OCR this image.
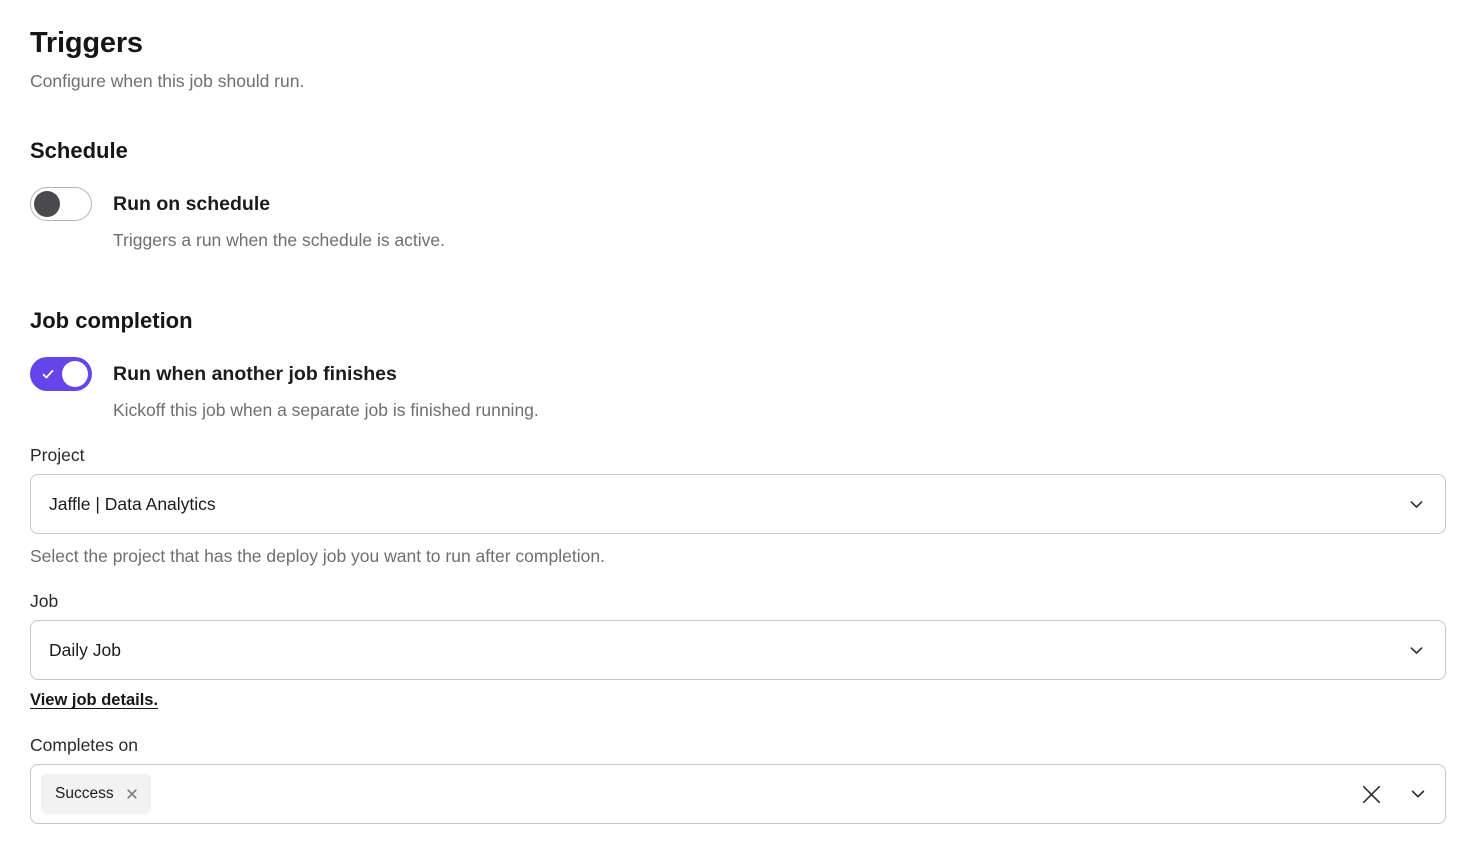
Triggers
Configure when this job should run.
Schedule
Run on schedule
Triggers a run when the schedule is active.
Job completion
Run when another job finishes
Kickoff this job when a separate job is finished running.
Project
Jaffle | Data Analytics
Select the project that has the deploy job you want to run after completion.
Job
Daily Job
View job details.
Completes on
Success
